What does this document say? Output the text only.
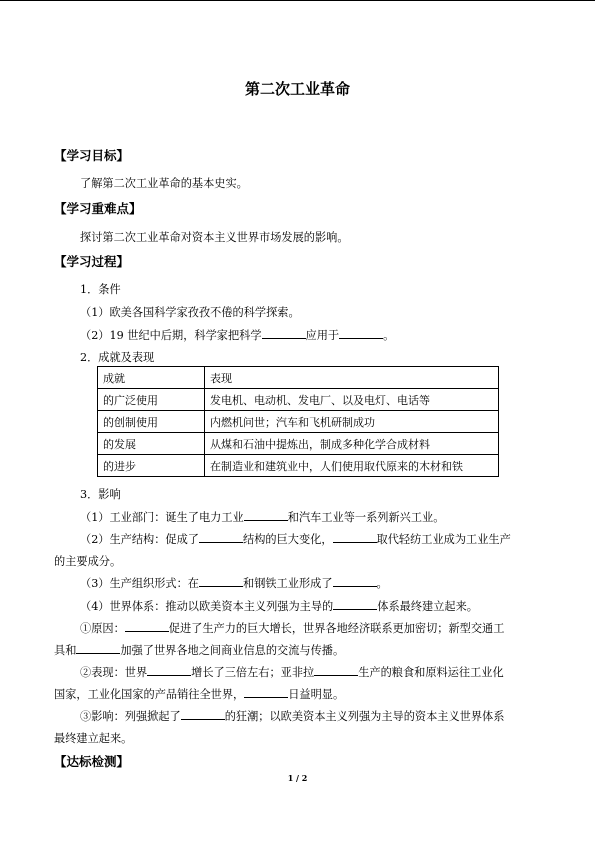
第二次工业革命
【学习目标】
了解第二次工业革命的基本史实。
【学习重难点】
探讨第二次工业革命对资本主义世界市场发展的影响。
【学习过程】
1．条件
（1）欧美各国科学家孜孜不倦的科学探索。
（2）19 世纪中后期，科学家把科学	应用于	。
2．成就及表现
成就	表现
的广泛使用	发电机、电动机、发电厂、以及电灯、电话等
的创制使用	内燃机问世；汽车和飞机研制成功
的发展	从煤和石油中提炼出，制成多种化学合成材料
的进步	在制造业和建筑业中，人们使用取代原来的木材和铁
3．影响
（1）工业部门：诞生了电力工业	和汽车工业等一系列新兴工业。
（2）生产结构：促成了	结构的巨大变化，	取代轻纺工业成为工业生产
的主要成分。
（3）生产组织形式：在	和钢铁工业形成了	。
（4）世界体系：推动以欧美资本主义列强为主导的	体系最终建立起来。
①原因：	促进了生产力的巨大增长，世界各地经济联系更加密切；新型交通工
具和	加强了世界各地之间商业信息的交流与传播。
②表现：世界	增长了三倍左右；亚非拉	生产的粮食和原料运往工业化
国家，工业化国家的产品销往全世界，	日益明显。
③影响：列强掀起了	的狂潮；以欧美资本主义列强为主导的资本主义世界体系
最终建立起来。
【达标检测】
1 / 2
